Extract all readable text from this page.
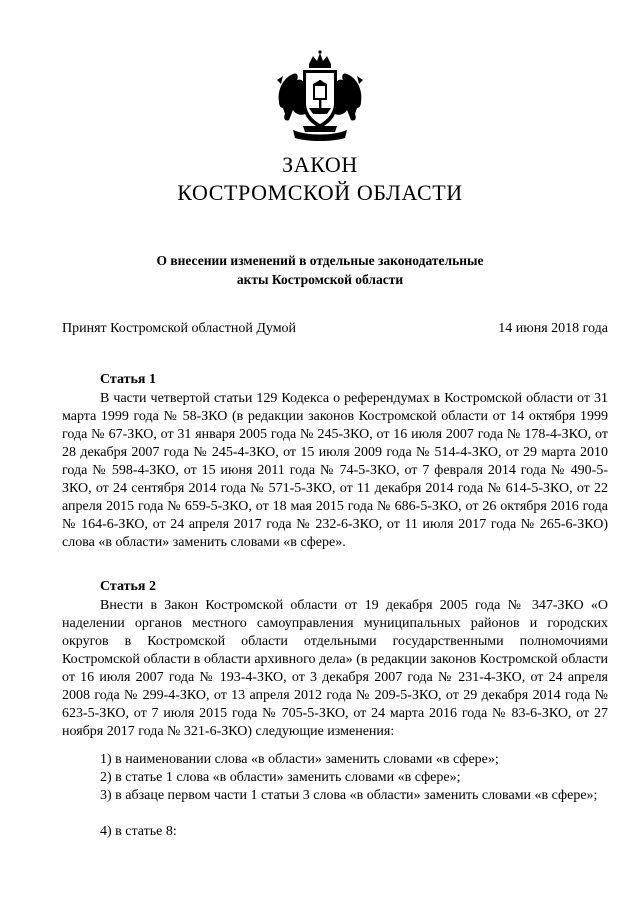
ЗАКОН
КОСТРОМСКОЙ ОБЛАСТИ
О внесении изменений в отдельные законодательные
акты Костромской области
Принят Костромской областной Думой	14 июня 2018 года
Статья 1

В части четвертой статьи 129 Кодекса о референдумах в Костромской области от 31 марта 1999 года № 58-ЗКО (в редакции законов Костромской области от 14 октября 1999 года № 67-ЗКО, от 31 января 2005 года № 245-ЗКО, от 16 июля 2007 года № 178-4-ЗКО, от 28 декабря 2007 года № 245-4-ЗКО, от 15 июля 2009 года № 514-4-ЗКО, от 29 марта 2010 года № 598-4-ЗКО, от 15 июня 2011 года № 74-5-ЗКО, от 7 февраля 2014 года № 490-5-ЗКО, от 24 сентября 2014 года № 571-5-ЗКО, от 11 декабря 2014 года № 614-5-ЗКО, от 22 апреля 2015 года № 659-5-ЗКО, от 18 мая 2015 года № 686-5-ЗКО, от 26 октября 2016 года № 164-6-ЗКО, от 24 апреля 2017 года № 232-6-ЗКО, от 11 июля 2017 года № 265-6-ЗКО) слова «в области» заменить словами «в сфере».

Статья 2

Внести в Закон Костромской области от 19 декабря 2005 года № 347-ЗКО «О наделении органов местного самоуправления муниципальных районов и городских округов в Костромской области отдельными государственными полномочиями Костромской области в области архивного дела» (в редакции законов Костромской области от 16 июля 2007 года № 193-4-ЗКО, от 3 декабря 2007 года № 231-4-ЗКО, от 24 апреля 2008 года № 299-4-ЗКО, от 13 апреля 2012 года № 209-5-ЗКО, от 29 декабря 2014 года № 623-5-ЗКО, от 7 июля 2015 года № 705-5-ЗКО, от 24 марта 2016 года № 83-6-ЗКО, от 27 ноября 2017 года № 321-6-ЗКО) следующие изменения:

1) в наименовании слова «в области» заменить словами «в сфере»;

2) в статье 1 слова «в области» заменить словами «в сфере»;

3) в абзаце первом части 1 статьи 3 слова «в области» заменить словами «в сфере»;

4) в статье 8:
